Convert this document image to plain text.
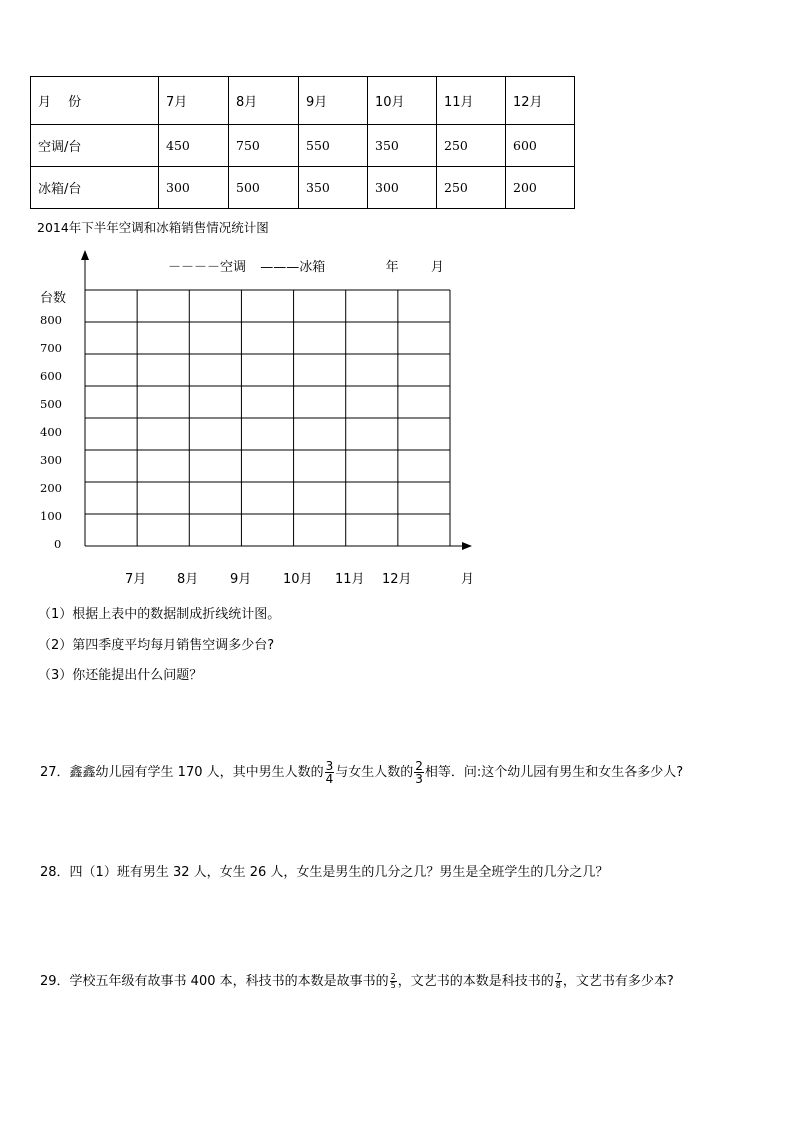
月　 份	7月	8月	9月	10月	11月	12月
空调/台	450	750	550	350	250	600
冰箱/台	300	500	350	300	250	200
2014年下半年空调和冰箱销售情况统计图
－－－－空调 ———冰箱	年 月
台数
800
700
600
500
400
300
200
100
0
7月 8月 9月 10月 11月 12月	月
（1）根据上表中的数据制成折线统计图。
（2）第四季度平均每月销售空调多少台?
（3）你还能提出什么问题？
27．鑫鑫幼儿园有学生 170 人，其中男生人数的 $\frac{3}{4}$ 与女生人数的 $\frac{2}{3}$ 相等．问:这个幼儿园有男生和女生各多少人?
28．四（1）班有男生 32 人，女生 26 人，女生是男生的几分之几？男生是全班学生的几分之几？
29．学校五年级有故事书 400 本，科技书的本数是故事书的 $\frac{2}{5}$ ，文艺书的本数是科技书的 $\frac{7}{8}$ ，文艺书有多少本?
